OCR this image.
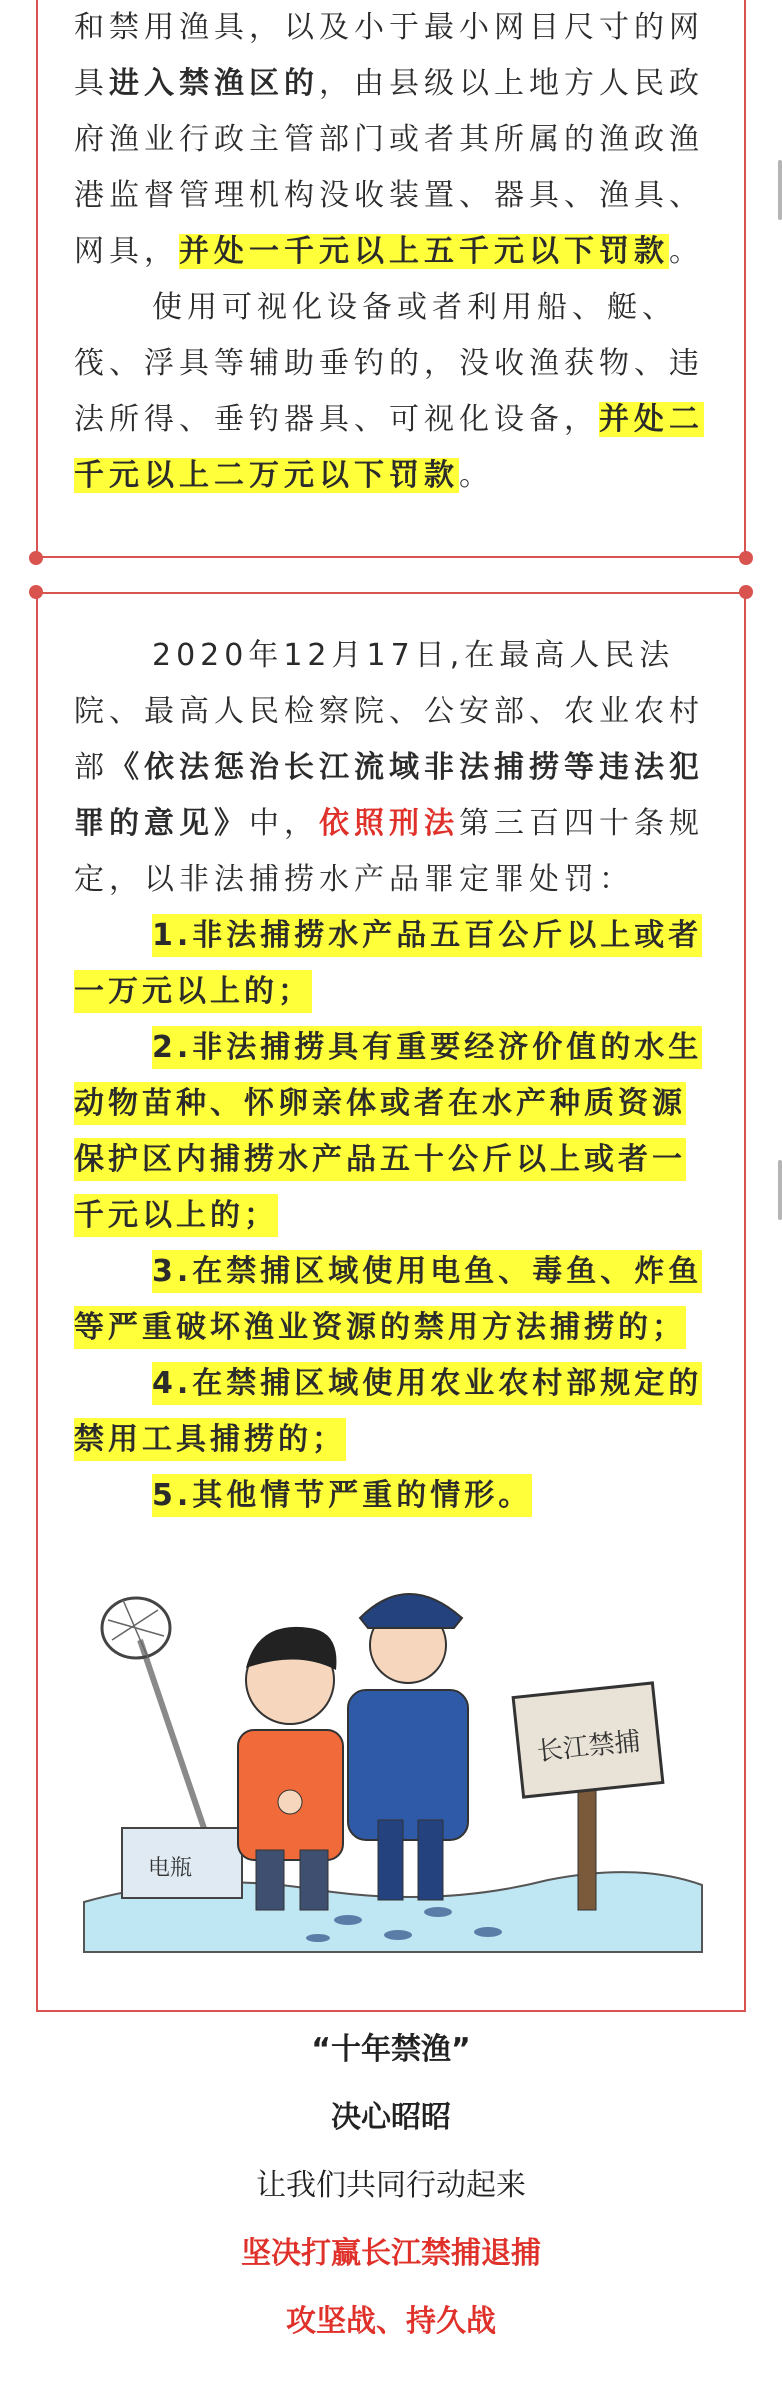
和禁用渔具，以及小于最小网目尺寸的网具进入禁渔区的，由县级以上地方人民政府渔业行政主管部门或者其所属的渔政渔港监督管理机构没收装置、器具、渔具、网具，并处一千元以上五千元以下罚款。

使用可视化设备或者利用船、艇、筏、浮具等辅助垂钓的，没收渔获物、违法所得、垂钓器具、可视化设备，并处二千元以上二万元以下罚款。

2020年12月17日,在最高人民法院、最高人民检察院、公安部、农业农村部《依法惩治长江流域非法捕捞等违法犯罪的意见》中，依照刑法第三百四十条规定，以非法捕捞水产品罪定罪处罚：

1.非法捕捞水产品五百公斤以上或者一万元以上的；

2.非法捕捞具有重要经济价值的水生动物苗种、怀卵亲体或者在水产种质资源保护区内捕捞水产品五十公斤以上或者一千元以上的；

3.在禁捕区域使用电鱼、毒鱼、炸鱼等严重破坏渔业资源的禁用方法捕捞的；

4.在禁捕区域使用农业农村部规定的禁用工具捕捞的；

5.其他情节严重的情形。

电瓶
长江禁捕

“十年禁渔”

决心昭昭

让我们共同行动起来

坚决打赢长江禁捕退捕

攻坚战、持久战
